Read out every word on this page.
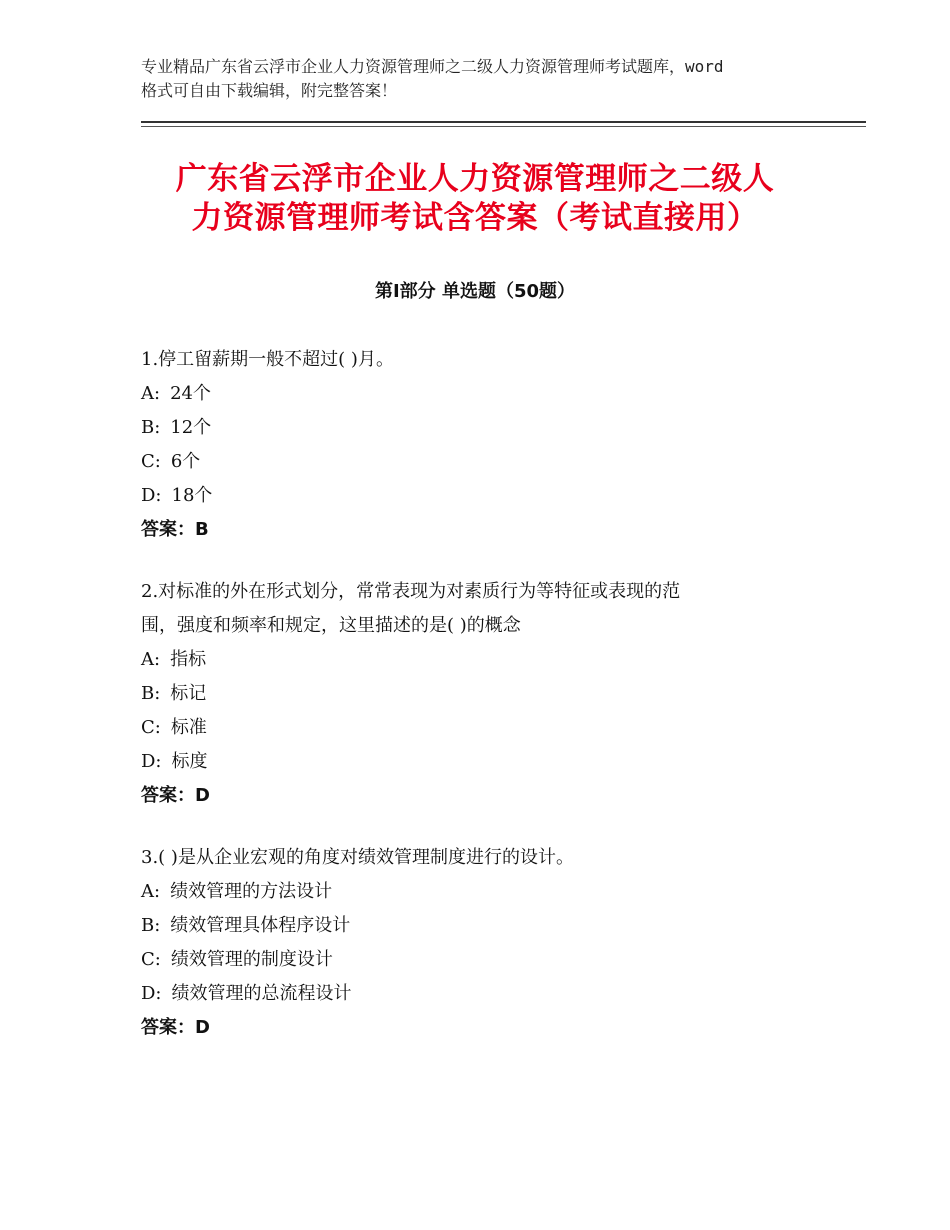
专业精品广东省云浮市企业人力资源管理师之二级人力资源管理师考试题库，word
格式可自由下载编辑，附完整答案！
广东省云浮市企业人力资源管理师之二级人
力资源管理师考试含答案（考试直接用）
第Ⅰ部分 单选题（50题）
1.停工留薪期一般不超过( )月。
A: 24个
B: 12个
C: 6个
D: 18个
答案：B
2.对标准的外在形式划分，常常表现为对素质行为等特征或表现的范
围，强度和频率和规定，这里描述的是( )的概念
A: 指标
B: 标记
C: 标准
D: 标度
答案：D
3.( )是从企业宏观的角度对绩效管理制度进行的设计。
A: 绩效管理的方法设计
B: 绩效管理具体程序设计
C: 绩效管理的制度设计
D: 绩效管理的总流程设计
答案：D
